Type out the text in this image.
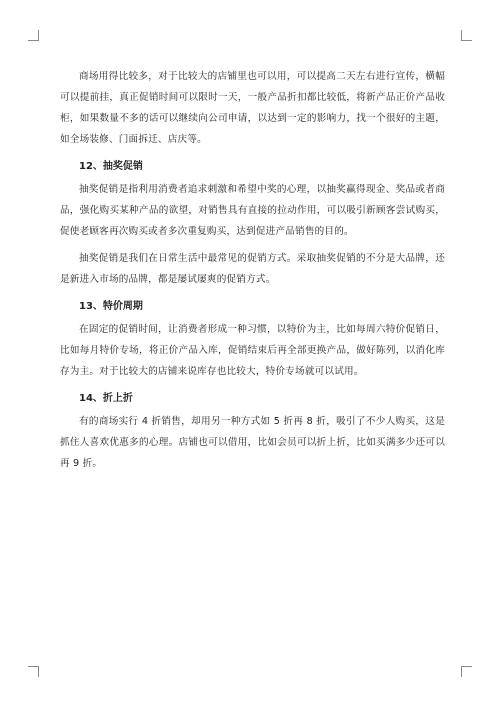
商场用得比较多，对于比较大的店铺里也可以用，可以提高二天左右进行宣传，横幅可以提前挂，真正促销时间可以限时一天，一般产品折扣都比较低，将新产品正价产品收柜，如果数量不多的话可以继续向公司申请，以达到一定的影响力，找一个很好的主题，如全场装修、门面拆迁、店庆等。

12、抽奖促销

抽奖促销是指利用消费者追求刺激和希望中奖的心理，以抽奖赢得现金、奖品或者商品，强化购买某种产品的欲望，对销售具有直接的拉动作用，可以吸引新顾客尝试购买，促使老顾客再次购买或者多次重复购买，达到促进产品销售的目的。

抽奖促销是我们在日常生活中最常见的促销方式。采取抽奖促销的不分是大品牌，还是新进入市场的品牌，都是屡试屡爽的促销方式。

13、特价周期

在固定的促销时间，让消费者形成一种习惯，以特价为主，比如每周六特价促销日，比如每月特价专场，将正价产品入库，促销结束后再全部更换产品，做好陈列，以消化库存为主。对于比较大的店铺来说库存也比较大，特价专场就可以试用。

14、折上折

有的商场实行 4 折销售，却用另一种方式如 5 折再 8 折，吸引了不少人购买，这是抓住人喜欢优惠多的心理。店铺也可以借用，比如会员可以折上折，比如买满多少还可以再 9 折。
